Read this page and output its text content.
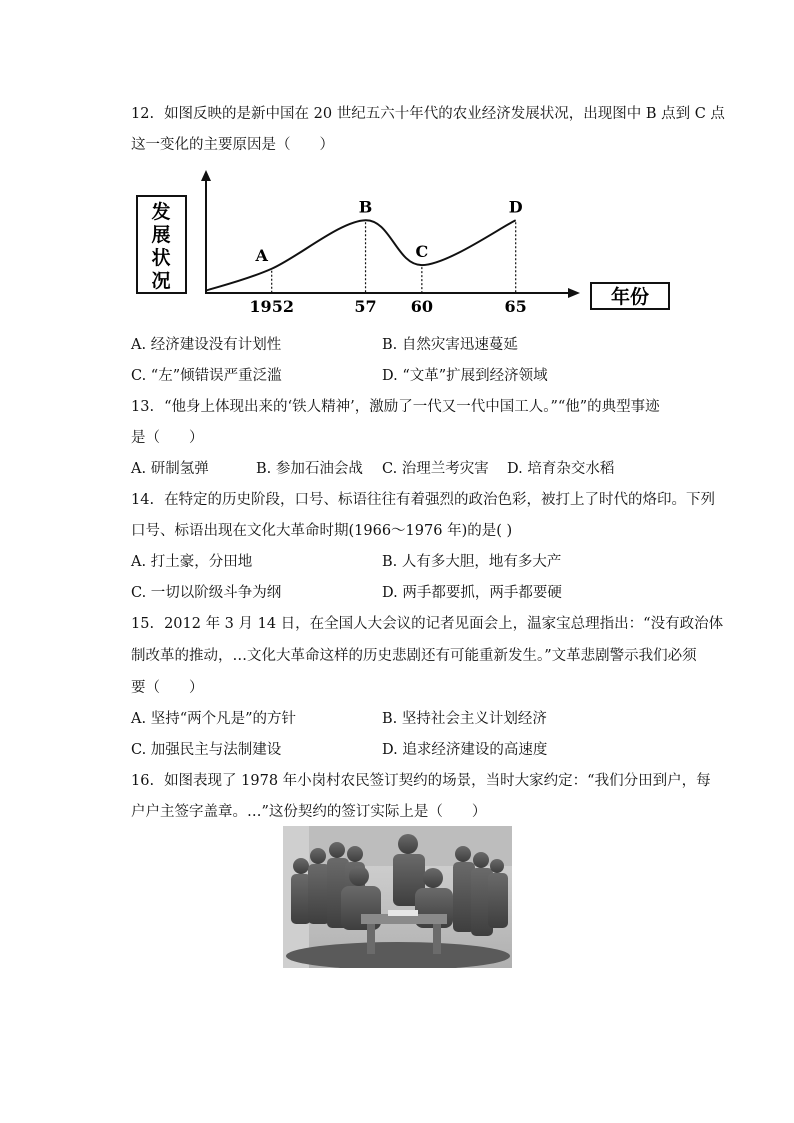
12. 如图反映的是新中国在 20 世纪五六十年代的农业经济发展状况，出现图中 B 点到 C 点
这一变化的主要原因是（　　）
发展状况
年份
A
1952
B
57
C
60
D
65
A. 经济建设没有计划性	B. 自然灾害迅速蔓延
C. “左”倾错误严重泛滥	D. “文革”扩展到经济领域
13. “他身上体现出来的‘铁人精神’，激励了一代又一代中国工人。”“他”的典型事迹
是（　　）
A. 研制氢弹	B. 参加石油会战 C. 治理兰考灾害 D. 培育杂交水稻
14. 在特定的历史阶段，口号、标语往往有着强烈的政治色彩，被打上了时代的烙印。下列
口号、标语出现在文化大革命时期(1966～1976 年)的是( )
A. 打土豪，分田地	B. 人有多大胆，地有多大产
C. 一切以阶级斗争为纲	D. 两手都要抓，两手都要硬
15. 2012 年 3 月 14 日，在全国人大会议的记者见面会上，温家宝总理指出：“没有政治体
制改革的推动，…文化大革命这样的历史悲剧还有可能重新发生。”文革悲剧警示我们必须
要（　　）
A. 坚持“两个凡是”的方针	B. 坚持社会主义计划经济
C. 加强民主与法制建设	D. 追求经济建设的高速度
16. 如图表现了 1978 年小岗村农民签订契约的场景，当时大家约定：“我们分田到户，每
户户主签字盖章。…”这份契约的签订实际上是（　　）
